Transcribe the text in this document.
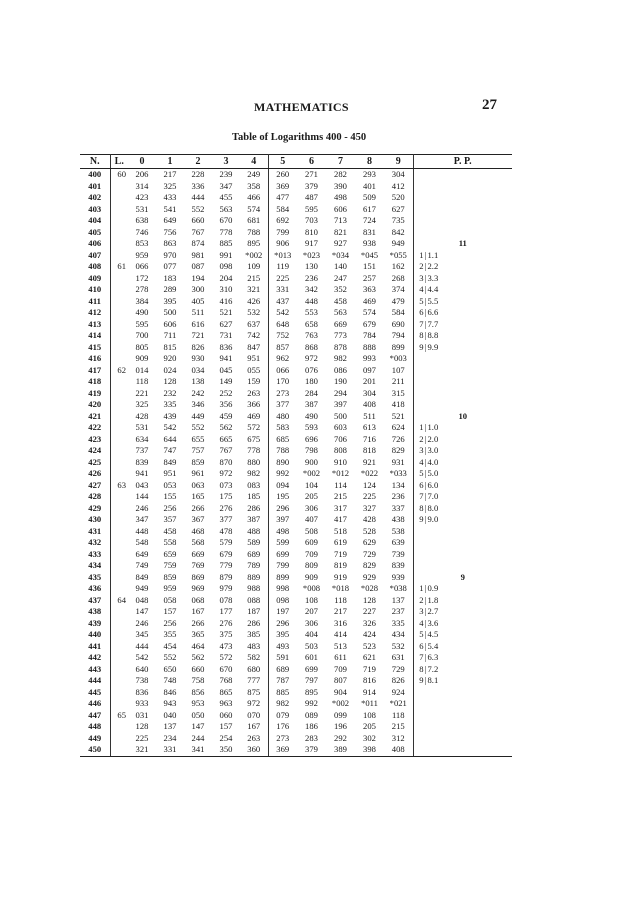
MATHEMATICS	27
Table of Logarithms 400 - 450
N.	L.	0	1	2	3	4	5	6	7	8	9	P. P.
400	60	206	217	228	239	249	260	271	282	293	304	
401		314	325	336	347	358	369	379	390	401	412	
402		423	433	444	455	466	477	487	498	509	520	
403		531	541	552	563	574	584	595	606	617	627	
404		638	649	660	670	681	692	703	713	724	735	
405		746	756	767	778	788	799	810	821	831	842	
406		853	863	874	885	895	906	917	927	938	949	11
407		959	970	981	991	*002	*013	*023	*034	*045	*055	1|1.1
408	61	066	077	087	098	109	119	130	140	151	162	2|2.2
409		172	183	194	204	215	225	236	247	257	268	3|3.3
410		278	289	300	310	321	331	342	352	363	374	4|4.4
411		384	395	405	416	426	437	448	458	469	479	5|5.5
412		490	500	511	521	532	542	553	563	574	584	6|6.6
413		595	606	616	627	637	648	658	669	679	690	7|7.7
414		700	711	721	731	742	752	763	773	784	794	8|8.8
415		805	815	826	836	847	857	868	878	888	899	9|9.9
416		909	920	930	941	951	962	972	982	993	*003	
417	62	014	024	034	045	055	066	076	086	097	107	
418		118	128	138	149	159	170	180	190	201	211	
419		221	232	242	252	263	273	284	294	304	315	
420		325	335	346	356	366	377	387	397	408	418	
421		428	439	449	459	469	480	490	500	511	521	10
422		531	542	552	562	572	583	593	603	613	624	1|1.0
423		634	644	655	665	675	685	696	706	716	726	2|2.0
424		737	747	757	767	778	788	798	808	818	829	3|3.0
425		839	849	859	870	880	890	900	910	921	931	4|4.0
426		941	951	961	972	982	992	*002	*012	*022	*033	5|5.0
427	63	043	053	063	073	083	094	104	114	124	134	6|6.0
428		144	155	165	175	185	195	205	215	225	236	7|7.0
429		246	256	266	276	286	296	306	317	327	337	8|8.0
430		347	357	367	377	387	397	407	417	428	438	9|9.0
431		448	458	468	478	488	498	508	518	528	538	
432		548	558	568	579	589	599	609	619	629	639	
433		649	659	669	679	689	699	709	719	729	739	
434		749	759	769	779	789	799	809	819	829	839	
435		849	859	869	879	889	899	909	919	929	939	9
436		949	959	969	979	988	998	*008	*018	*028	*038	1|0.9
437	64	048	058	068	078	088	098	108	118	128	137	2|1.8
438		147	157	167	177	187	197	207	217	227	237	3|2.7
439		246	256	266	276	286	296	306	316	326	335	4|3.6
440		345	355	365	375	385	395	404	414	424	434	5|4.5
441		444	454	464	473	483	493	503	513	523	532	6|5.4
442		542	552	562	572	582	591	601	611	621	631	7|6.3
443		640	650	660	670	680	689	699	709	719	729	8|7.2
444		738	748	758	768	777	787	797	807	816	826	9|8.1
445		836	846	856	865	875	885	895	904	914	924	
446		933	943	953	963	972	982	992	*002	*011	*021	
447	65	031	040	050	060	070	079	089	099	108	118	
448		128	137	147	157	167	176	186	196	205	215	
449		225	234	244	254	263	273	283	292	302	312	
450		321	331	341	350	360	369	379	389	398	408	
